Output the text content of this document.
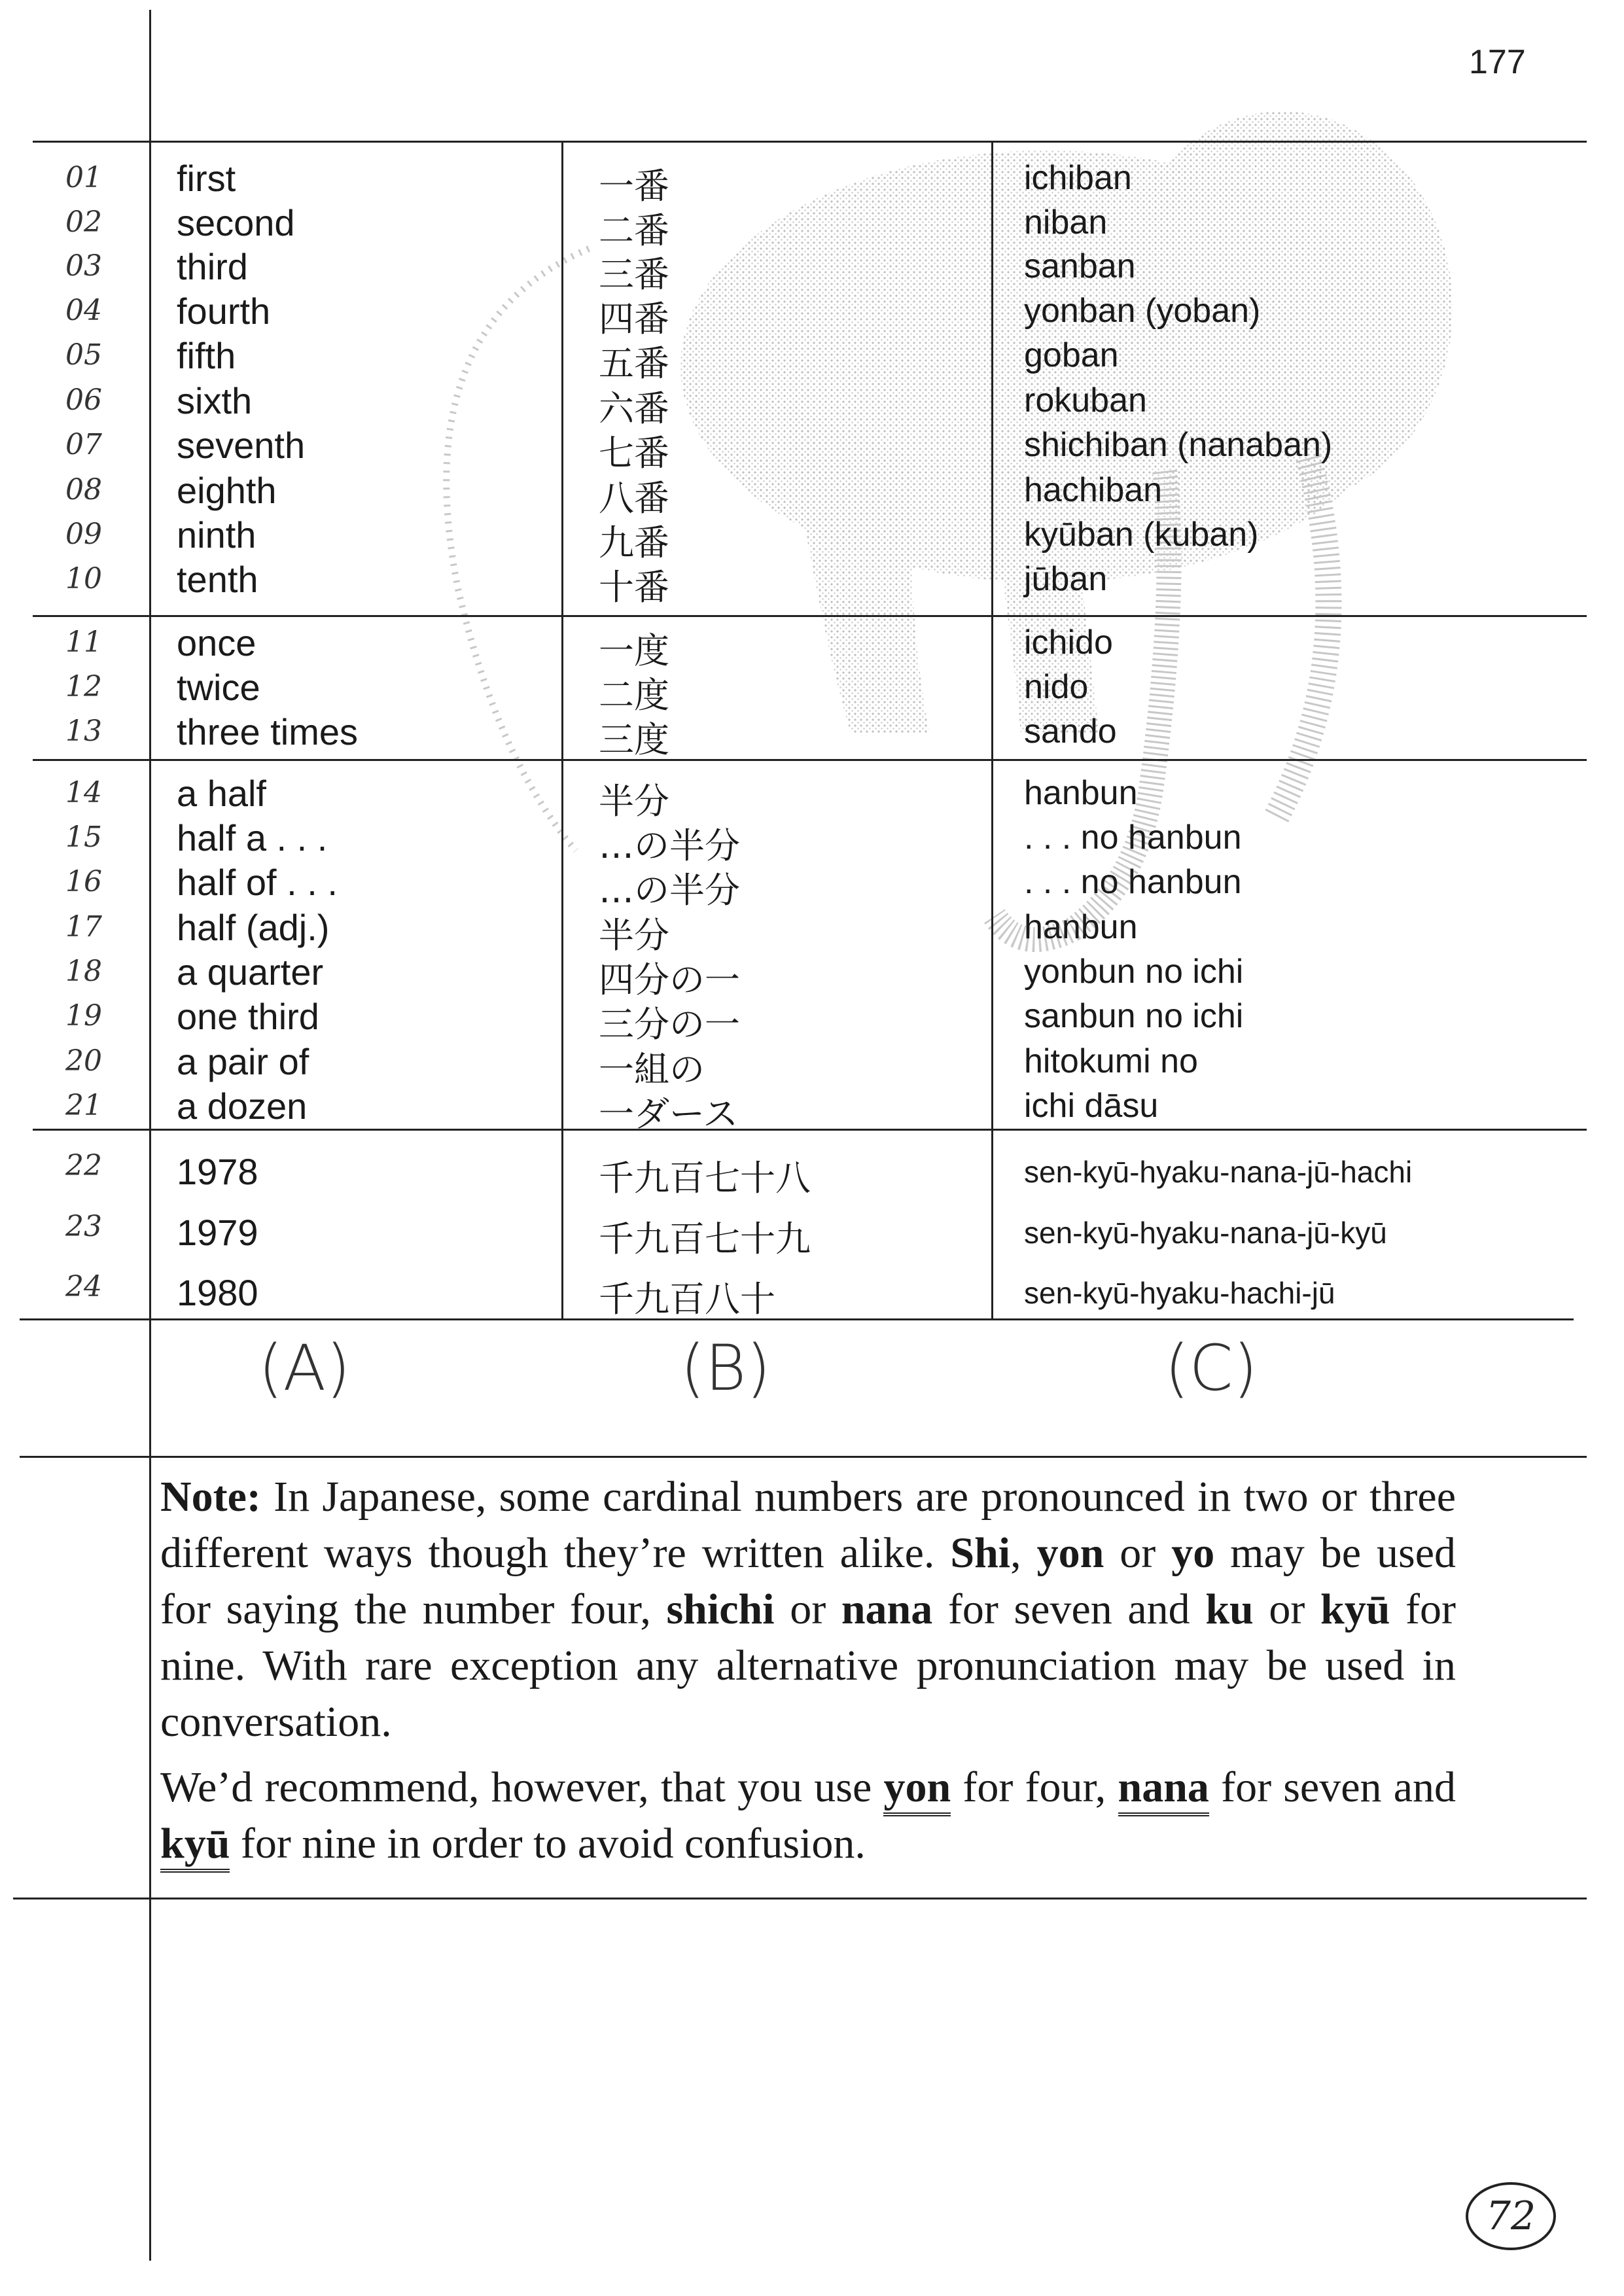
177
01	first	一番	ichiban
02	second	二番	niban
03	third	三番	sanban
04	fourth	四番	yonban (yoban)
05	fifth	五番	goban
06	sixth	六番	rokuban
07	seventh	七番	shichiban (nanaban)
08	eighth	八番	hachiban
09	ninth	九番	kyūban (kuban)
10	tenth	十番	jūban
11	once	一度	ichido
12	twice	二度	nido
13	three times	三度	sando
14	a half	半分	hanbun
15	half a . . .	…の半分	. . . no hanbun
16	half of . . .	…の半分	. . . no hanbun
17	half (adj.)	半分	hanbun
18	a quarter	四分の一	yonbun no ichi
19	one third	三分の一	sanbun no ichi
20	a pair of	一組の	hitokumi no
21	a dozen	一ダース	ichi dāsu
22	1978	千九百七十八	sen-kyū-hyaku-nana-jū-hachi
23	1979	千九百七十九	sen-kyū-hyaku-nana-jū-kyū
24	1980	千九百八十	sen-kyū-hyaku-hachi-jū
(A)	(B)	(C)

Note: In Japanese, some cardinal numbers are pronounced in two or three different ways though they’re written alike. Shi, yon or yo may be used for saying the number four, shichi or nana for seven and ku or kyū for nine. With rare exception any alternative pronunciation may be used in conversation.

We’d recommend, however, that you use yon for four, nana for seven and kyū for nine in order to avoid confusion.

72
